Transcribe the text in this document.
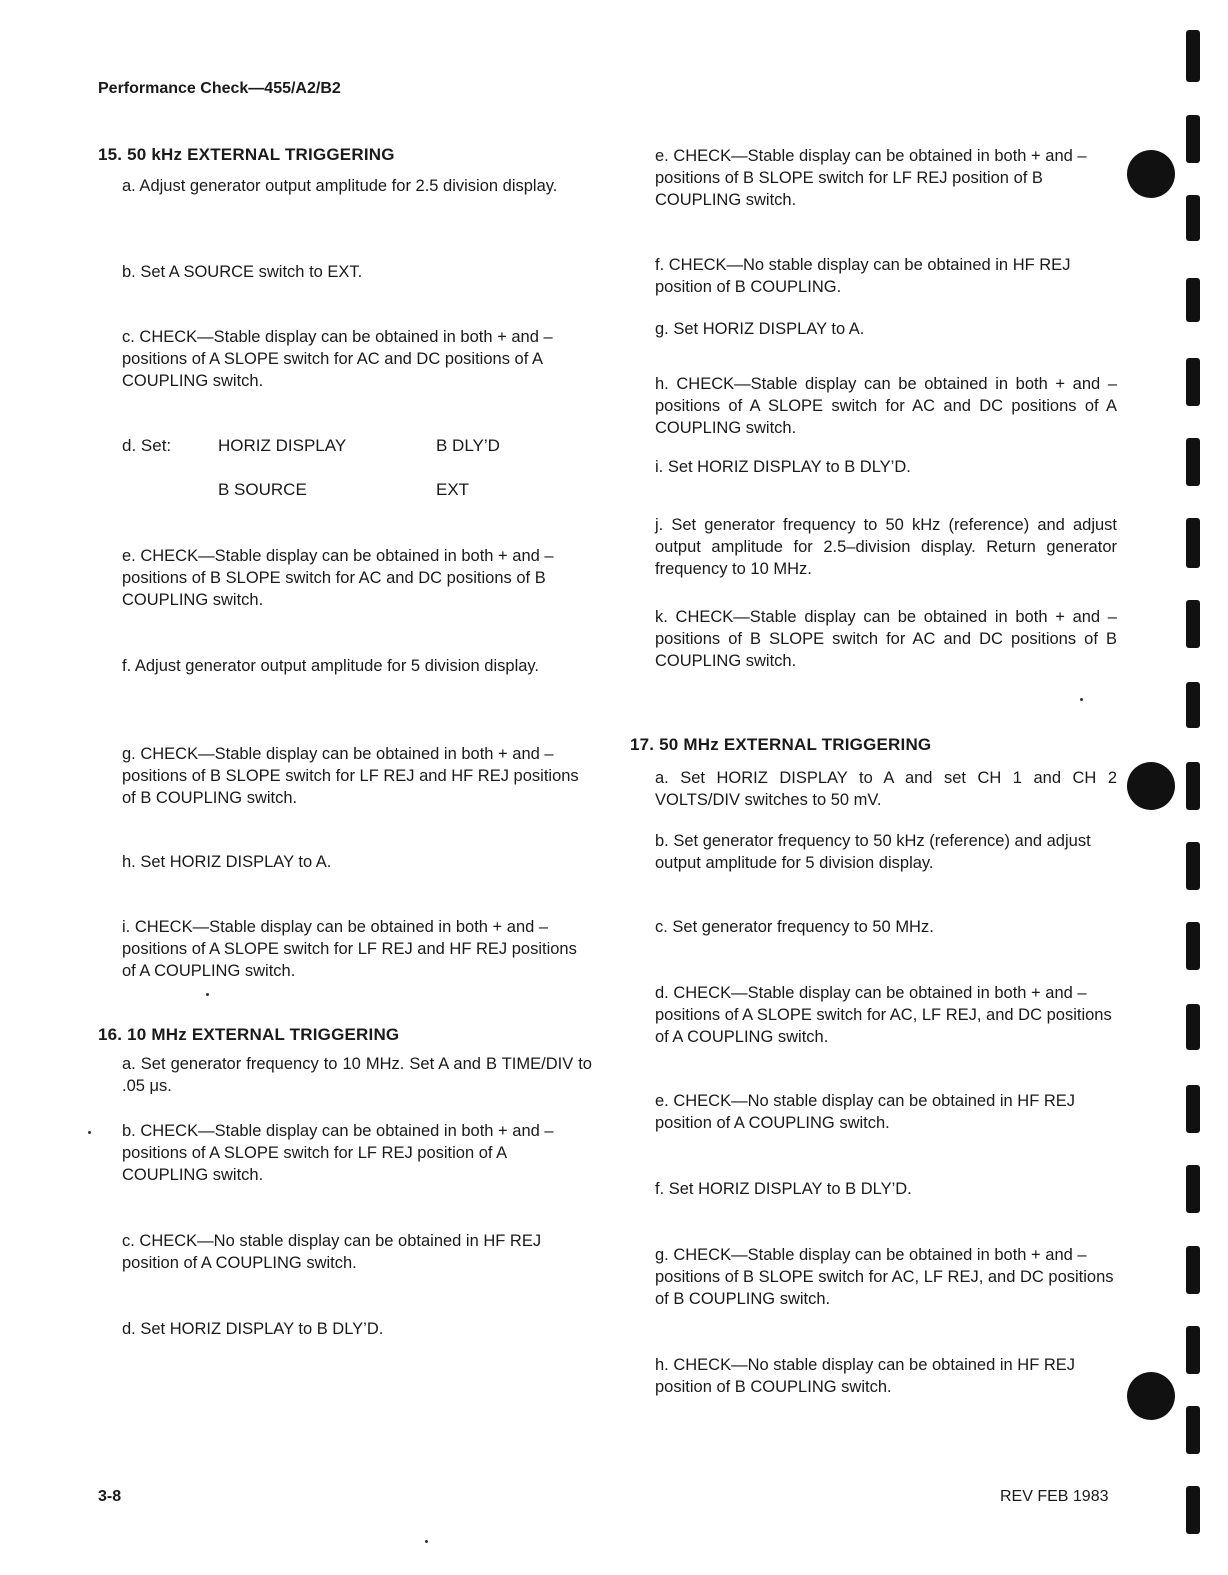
Performance Check—455/A2/B2
15. 50 kHz EXTERNAL TRIGGERING
a. Adjust generator output amplitude for 2.5 division display.
b. Set A SOURCE switch to EXT.
c. CHECK—Stable display can be obtained in both + and – positions of A SLOPE switch for AC and DC positions of A COUPLING switch.
d. Set:	HORIZ DISPLAY	B DLY’D
B SOURCE	EXT
e. CHECK—Stable display can be obtained in both + and – positions of B SLOPE switch for AC and DC positions of B COUPLING switch.
f. Adjust generator output amplitude for 5 division display.
g. CHECK—Stable display can be obtained in both + and – positions of B SLOPE switch for LF REJ and HF REJ positions of B COUPLING switch.
h. Set HORIZ DISPLAY to A.
i. CHECK—Stable display can be obtained in both + and – positions of A SLOPE switch for LF REJ and HF REJ positions of A COUPLING switch.
16. 10 MHz EXTERNAL TRIGGERING
a. Set generator frequency to 10 MHz. Set A and B TIME/DIV to .05 μs.
b. CHECK—Stable display can be obtained in both + and – positions of A SLOPE switch for LF REJ position of A COUPLING switch.
c. CHECK—No stable display can be obtained in HF REJ position of A COUPLING switch.
d. Set HORIZ DISPLAY to B DLY’D.
e. CHECK—Stable display can be obtained in both + and – positions of B SLOPE switch for LF REJ position of B COUPLING switch.
f. CHECK—No stable display can be obtained in HF REJ position of B COUPLING.
g. Set HORIZ DISPLAY to A.
h. CHECK—Stable display can be obtained in both + and – positions of A SLOPE switch for AC and DC positions of A COUPLING switch.
i. Set HORIZ DISPLAY to B DLY’D.
j. Set generator frequency to 50 kHz (reference) and adjust output amplitude for 2.5–division display. Return generator frequency to 10 MHz.
k. CHECK—Stable display can be obtained in both + and – positions of B SLOPE switch for AC and DC positions of B COUPLING switch.
17. 50 MHz EXTERNAL TRIGGERING
a. Set HORIZ DISPLAY to A and set CH 1 and CH 2 VOLTS/DIV switches to 50 mV.
b. Set generator frequency to 50 kHz (reference) and adjust output amplitude for 5 division display.
c. Set generator frequency to 50 MHz.
d. CHECK—Stable display can be obtained in both + and – positions of A SLOPE switch for AC, LF REJ, and DC positions of A COUPLING switch.
e. CHECK—No stable display can be obtained in HF REJ position of A COUPLING switch.
f. Set HORIZ DISPLAY to B DLY’D.
g. CHECK—Stable display can be obtained in both + and – positions of B SLOPE switch for AC, LF REJ, and DC positions of B COUPLING switch.
h. CHECK—No stable display can be obtained in HF REJ position of B COUPLING switch.
3-8	REV FEB 1983
